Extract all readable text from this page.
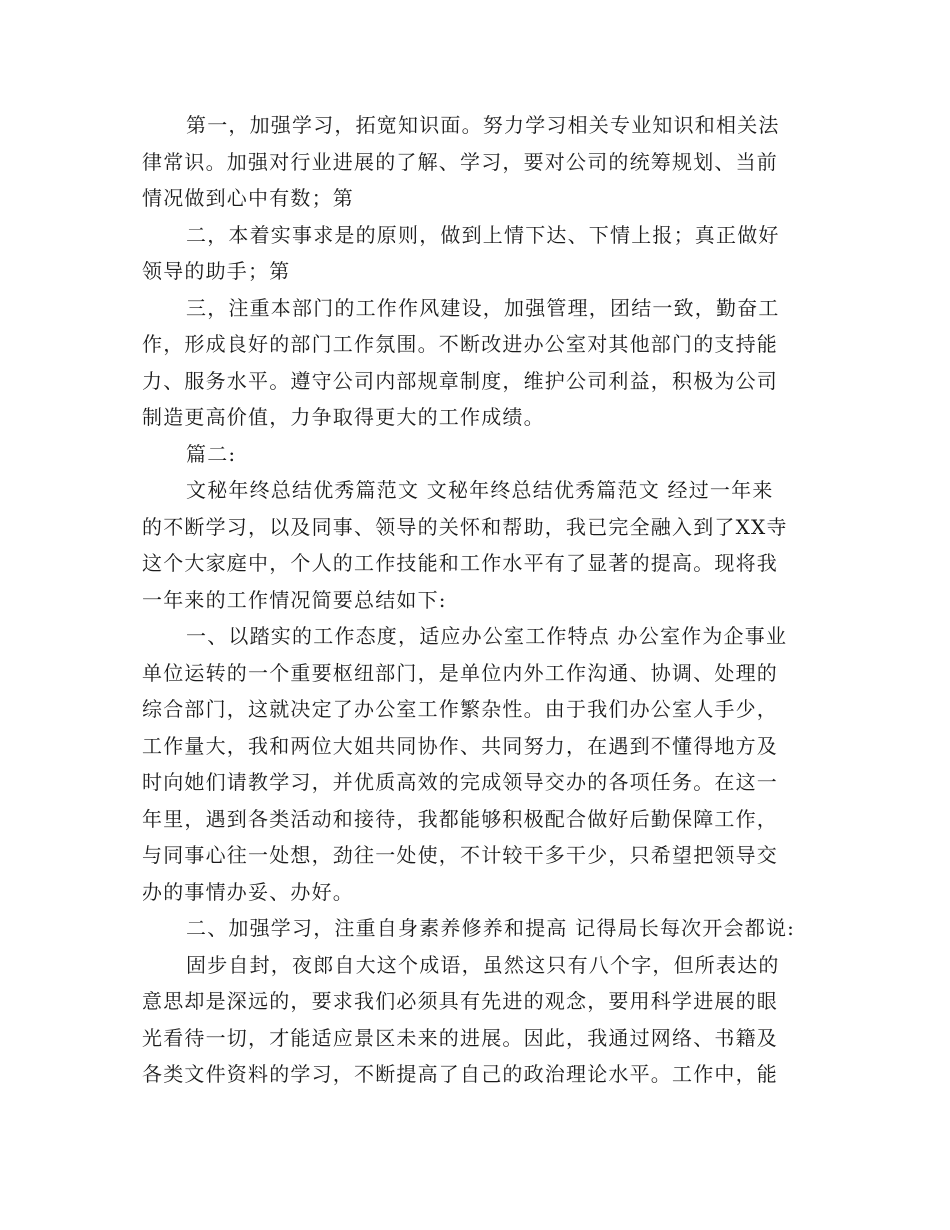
第一，加强学习，拓宽知识面。努力学习相关专业知识和相关法
律常识。加强对行业进展的了解、学习，要对公司的统筹规划、当前
情况做到心中有数；第
二，本着实事求是的原则，做到上情下达、下情上报；真正做好
领导的助手；第
三，注重本部门的工作作风建设，加强管理，团结一致，勤奋工
作，形成良好的部门工作氛围。不断改进办公室对其他部门的支持能
力、服务水平。遵守公司内部规章制度，维护公司利益，积极为公司
制造更高价值，力争取得更大的工作成绩。
篇二:
文秘年终总结优秀篇范文 文秘年终总结优秀篇范文 经过一年来
的不断学习，以及同事、领导的关怀和帮助，我已完全融入到了XX寺
这个大家庭中，个人的工作技能和工作水平有了显著的提高。现将我
一年来的工作情况简要总结如下:
一、以踏实的工作态度，适应办公室工作特点 办公室作为企事业
单位运转的一个重要枢纽部门，是单位内外工作沟通、协调、处理的
综合部门，这就决定了办公室工作繁杂性。由于我们办公室人手少，
工作量大，我和两位大姐共同协作、共同努力，在遇到不懂得地方及
时向她们请教学习，并优质高效的完成领导交办的各项任务。在这一
年里，遇到各类活动和接待，我都能够积极配合做好后勤保障工作，
与同事心往一处想，劲往一处使，不计较干多干少，只希望把领导交
办的事情办妥、办好。
二、加强学习，注重自身素养修养和提高 记得局长每次开会都说:
固步自封，夜郎自大这个成语，虽然这只有八个字，但所表达的
意思却是深远的，要求我们必须具有先进的观念，要用科学进展的眼
光看待一切，才能适应景区未来的进展。因此，我通过网络、书籍及
各类文件资料的学习，不断提高了自己的政治理论水平。工作中，能
